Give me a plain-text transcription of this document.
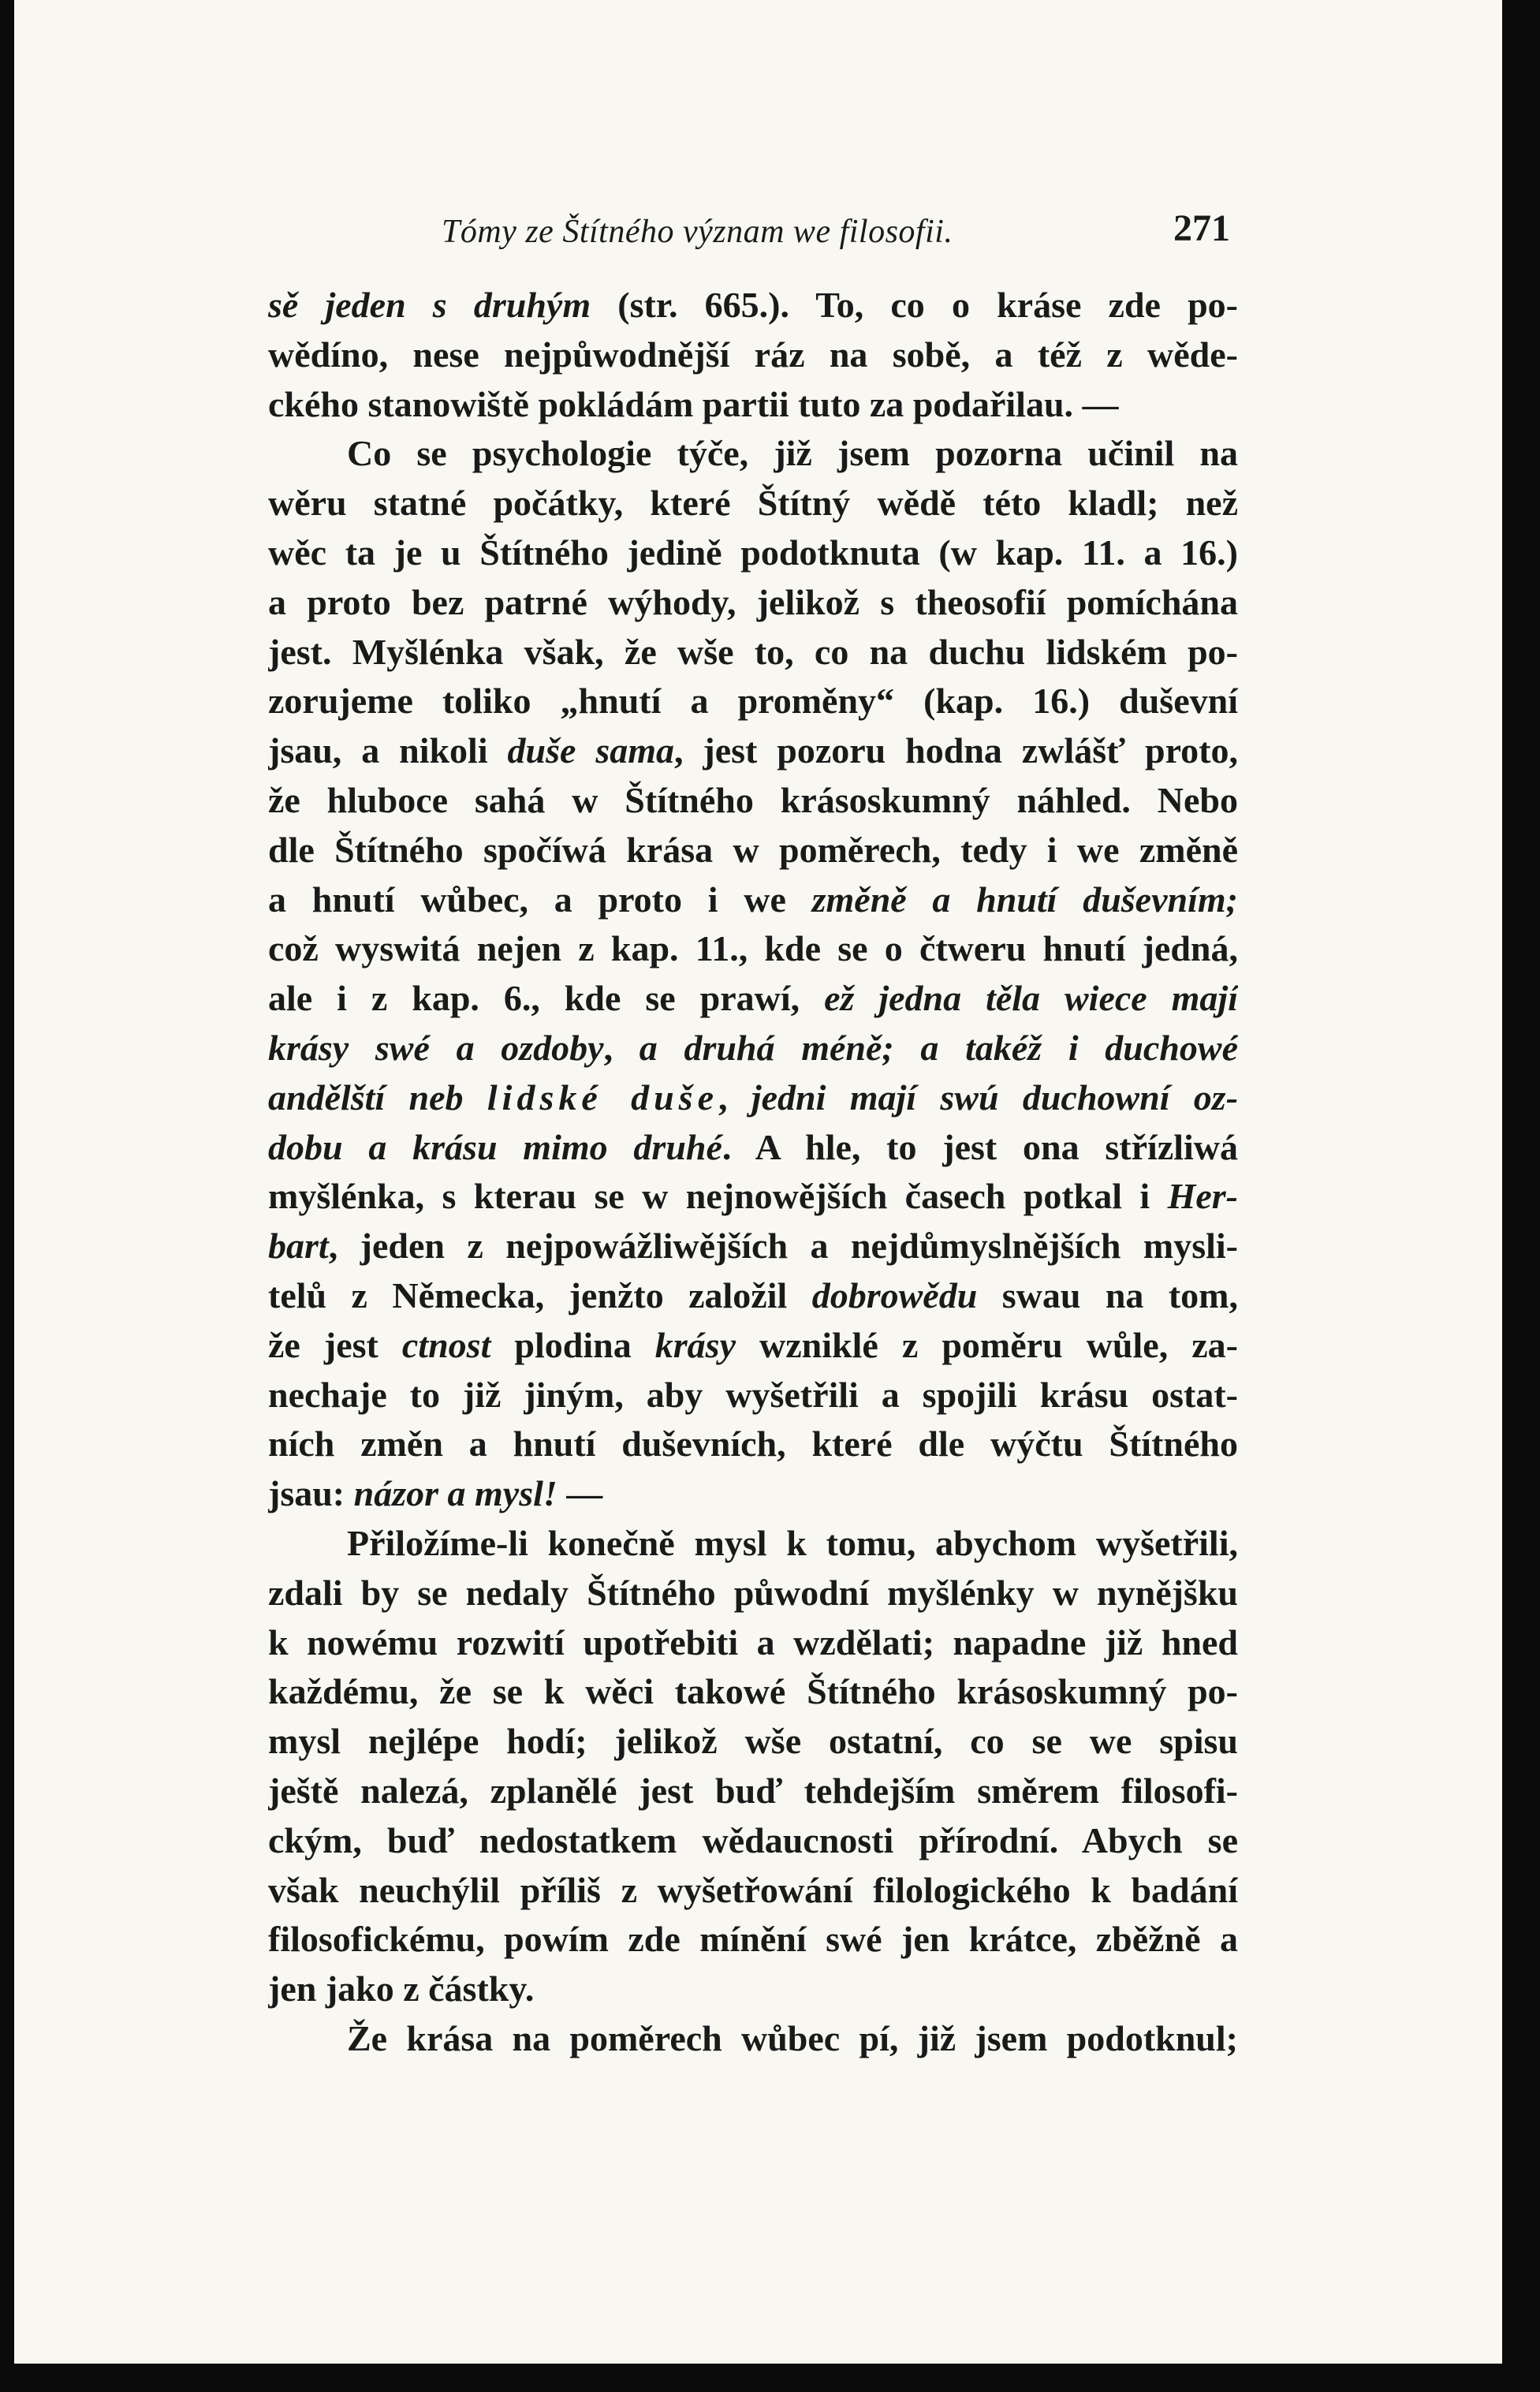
Tómy ze Štítného význam we filosofii.	271
sě jeden s druhým (str. 665.). To, co o kráse zde po-
wědíno, nese nejpůwodnější ráz na sobě, a též z wěde-
ckého stanowiště pokládám partii tuto za podařilau. —
Co se psychologie týče, již jsem pozorna učinil na
wěru statné počátky, které Štítný wědě této kladl; než
wěc ta je u Štítného jedině podotknuta (w kap. 11. a 16.)
a proto bez patrné wýhody, jelikož s theosofií pomíchána
jest. Myšlénka však, že wše to, co na duchu lidském po-
zorujeme toliko „hnutí a proměny“ (kap. 16.) duševní
jsau, a nikoli duše sama, jest pozoru hodna zwlášť proto,
že hluboce sahá w Štítného krásoskumný náhled. Nebo
dle Štítného spočíwá krása w poměrech, tedy i we změně
a hnutí wůbec, a proto i we změně a hnutí duševním;
což wyswitá nejen z kap. 11., kde se o čtweru hnutí jedná,
ale i z kap. 6., kde se prawí, ež jedna těla wiece mají
krásy swé a ozdoby, a druhá méně; a takéž i duchowé
andělští neb lidské duše, jedni mají swú duchowní oz-
dobu a krásu mimo druhé. A hle, to jest ona střízliwá
myšlénka, s kterau se w nejnowějších časech potkal i Her-
bart, jeden z nejpowážliwějších a nejdůmyslnějších mysli-
telů z Německa, jenžto založil dobrowědu swau na tom,
že jest ctnost plodina krásy wzniklé z poměru wůle, za-
nechaje to již jiným, aby wyšetřili a spojili krásu ostat-
ních změn a hnutí duševních, které dle wýčtu Štítného
jsau: názor a mysl! —
Přiložíme-li konečně mysl k tomu, abychom wyšetřili,
zdali by se nedaly Štítného půwodní myšlénky w nynějšku
k nowému rozwití upotřebiti a wzdělati; napadne již hned
každému, že se k wěci takowé Štítného krásoskumný po-
mysl nejlépe hodí; jelikož wše ostatní, co se we spisu
ještě nalezá, zplanělé jest buď tehdejším směrem filosofi-
ckým, buď nedostatkem wědaucnosti přírodní. Abych se
však neuchýlil příliš z wyšetřowání filologického k badání
filosofickému, powím zde mínění swé jen krátce, zběžně a
jen jako z částky.
Že krása na poměrech wůbec pí, již jsem podotknul;
